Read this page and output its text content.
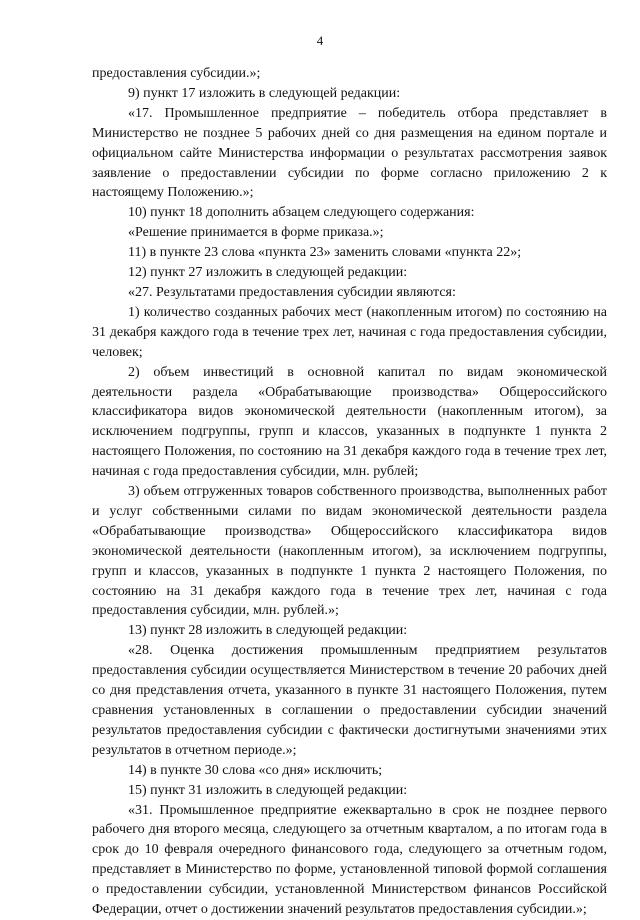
4

предоставления субсидии.»;

9) пункт 17 изложить в следующей редакции:

«17. Промышленное предприятие – победитель отбора представляет в Министерство не позднее 5 рабочих дней со дня размещения на едином портале и официальном сайте Министерства информации о результатах рассмотрения заявок заявление о предоставлении субсидии по форме согласно приложению 2 к настоящему Положению.»;

10) пункт 18 дополнить абзацем следующего содержания:

«Решение принимается в форме приказа.»;

11) в пункте 23 слова «пункта 23» заменить словами «пункта 22»;

12) пункт 27 изложить в следующей редакции:

«27. Результатами предоставления субсидии являются:

1) количество созданных рабочих мест (накопленным итогом) по состоянию на 31 декабря каждого года в течение трех лет, начиная с года предоставления субсидии, человек;

2) объем инвестиций в основной капитал по видам экономической деятельности раздела «Обрабатывающие производства» Общероссийского классификатора видов экономической деятельности (накопленным итогом), за исключением подгруппы, групп и классов, указанных в подпункте 1 пункта 2 настоящего Положения, по состоянию на 31 декабря каждого года в течение трех лет, начиная с года предоставления субсидии, млн. рублей;

3) объем отгруженных товаров собственного производства, выполненных работ и услуг собственными силами по видам экономической деятельности раздела «Обрабатывающие производства» Общероссийского классификатора видов экономической деятельности (накопленным итогом), за исключением подгруппы, групп и классов, указанных в подпункте 1 пункта 2 настоящего Положения, по состоянию на 31 декабря каждого года в течение трех лет, начиная с года предоставления субсидии, млн. рублей.»;

13) пункт 28 изложить в следующей редакции:

«28. Оценка достижения промышленным предприятием результатов предоставления субсидии осуществляется Министерством в течение 20 рабочих дней со дня представления отчета, указанного в пункте 31 настоящего Положения, путем сравнения установленных в соглашении о предоставлении субсидии значений результатов предоставления субсидии с фактически достигнутыми значениями этих результатов в отчетном периоде.»;

14) в пункте 30 слова «со дня» исключить;

15) пункт 31 изложить в следующей редакции:

«31. Промышленное предприятие ежеквартально в срок не позднее первого рабочего дня второго месяца, следующего за отчетным кварталом, а по итогам года в срок до 10 февраля очередного финансового года, следующего за отчетным годом, представляет в Министерство по форме, установленной типовой формой соглашения о предоставлении субсидии, установленной Министерством финансов Российской Федерации, отчет о достижении значений результатов предоставления субсидии.»;
